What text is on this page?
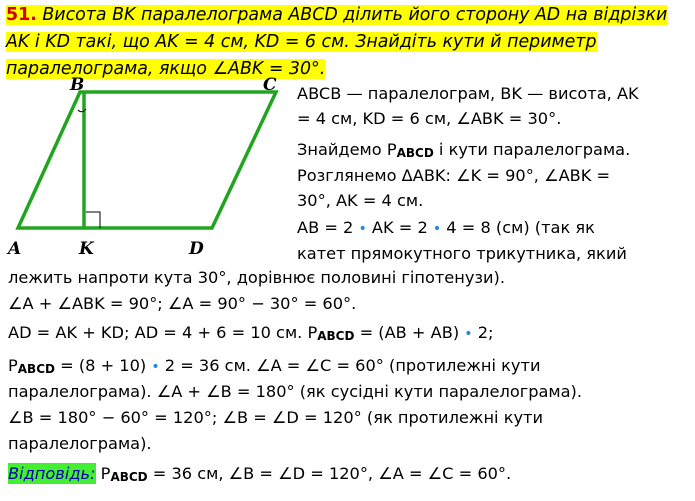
51. Висота BK паралелограма ABCD ділить його сторону AD на відрізки AK і KD такі, що AK = 4 см, KD = 6 см. Знайдіть кути й периметр паралелограма, якщо ∠ABK = 30°.
B	C
A	K	D
ABCB — паралелограм, BK — висота, AK
= 4 см, KD = 6 см, ∠ABK = 30°.
Знайдемо $P_{ABCD}$ і кути паралелограма.
Розглянемо ΔABK: ∠K = 90°, ∠ABK =
30°, AK = 4 см.
AB = 2 • AK = 2 • 4 = 8 (см) (так як
катет прямокутного трикутника, який
лежить напроти кута 30°, дорівнює половині гіпотенузи).
∠A + ∠ABK = 90°; ∠A = 90° − 30° = 60°.
AD = AK + KD; AD = 4 + 6 = 10 см. $P_{ABCD} = (AB + AB)$ • 2;
$P_{ABCD} = (8 + 10)$ • 2 = 36 см. ∠A = ∠C = 60° (протилежні кути
паралелограма). ∠A + ∠B = 180° (як сусідні кути паралелограма).
∠B = 180° − 60° = 120°; ∠B = ∠D = 120° (як протилежні кути
паралелограма).
Відповідь: $P_{ABCD} = 36$ см, ∠B = ∠D = 120°, ∠A = ∠C = 60°.
